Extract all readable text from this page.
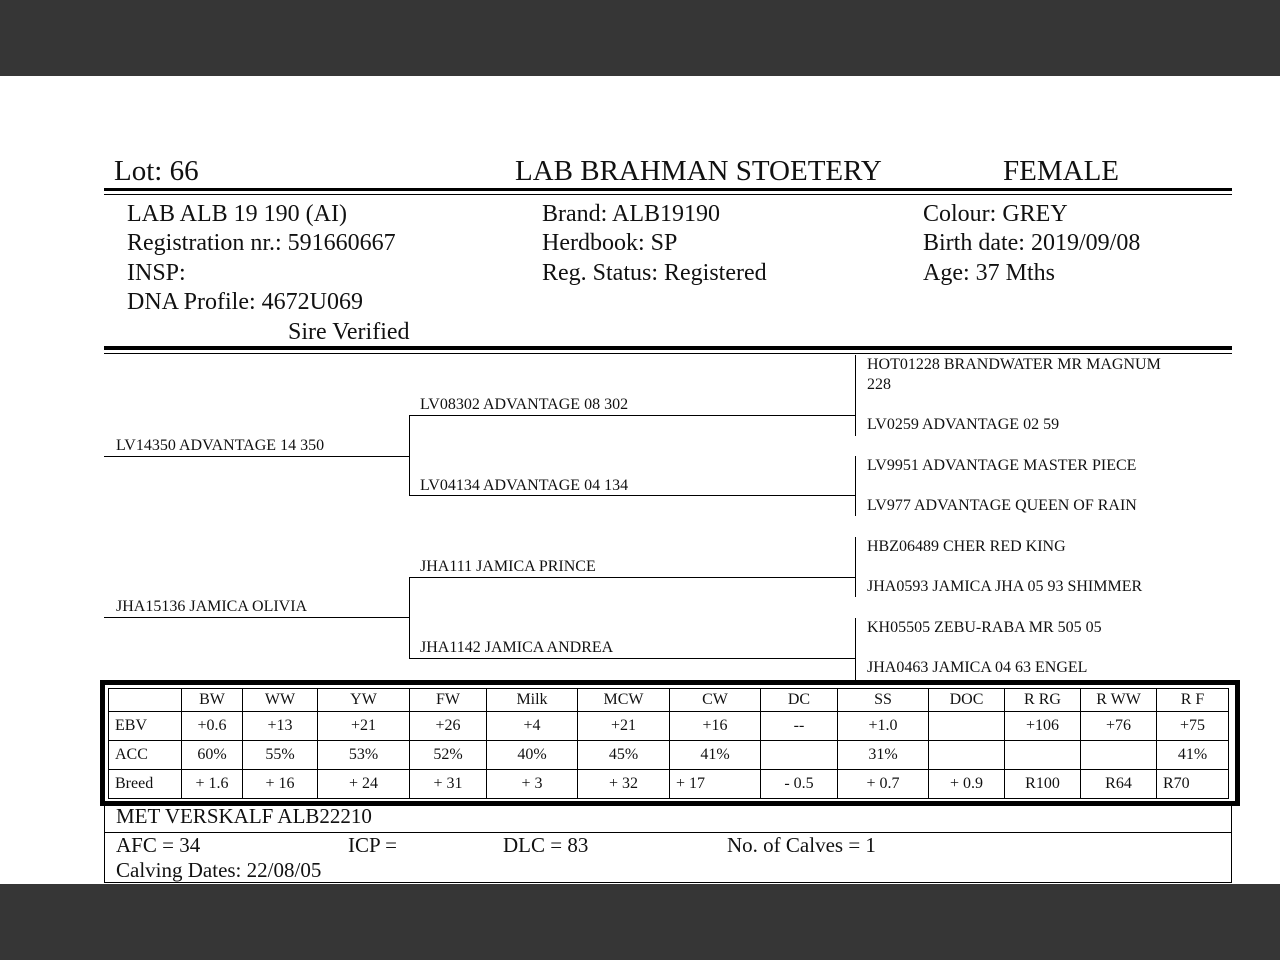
Lot: 66	LAB BRAHMAN STOETERY	FEMALE
LAB ALB 19 190 (AI)
Registration nr.: 591660667
INSP:
DNA Profile: 4672U069
Sire Verified
Brand: ALB19190
Herdbook: SP
Reg. Status: Registered
Colour: GREY
Birth date: 2019/09/08
Age: 37 Mths
LV14350 ADVANTAGE 14 350
JHA15136 JAMICA OLIVIA
LV08302 ADVANTAGE 08 302
LV04134 ADVANTAGE 04 134
JHA111 JAMICA PRINCE
JHA1142 JAMICA ANDREA
HOT01228 BRANDWATER MR MAGNUM
228
LV0259 ADVANTAGE 02 59
LV9951 ADVANTAGE MASTER PIECE
LV977 ADVANTAGE QUEEN OF RAIN
HBZ06489 CHER RED KING
JHA0593 JAMICA JHA 05 93 SHIMMER
KH05505 ZEBU-RABA MR 505 05
JHA0463 JAMICA 04 63 ENGEL
	BW	WW	YW	FW	Milk	MCW	CW	DC	SS	DOC	R RG	R WW	R F
EBV	+0.6	+13	+21	+26	+4	+21	+16	--	+1.0		+106	+76	+75
ACC	60%	55%	53%	52%	40%	45%	41%		31%				41%
Breed	+ 1.6	+ 16	+ 24	+ 31	+ 3	+ 32	+ 17	- 0.5	+ 0.7	+ 0.9	R100	R64	R70
MET VERSKALF ALB22210
AFC = 34	ICP =	DLC = 83	No. of Calves = 1
Calving Dates: 22/08/05
